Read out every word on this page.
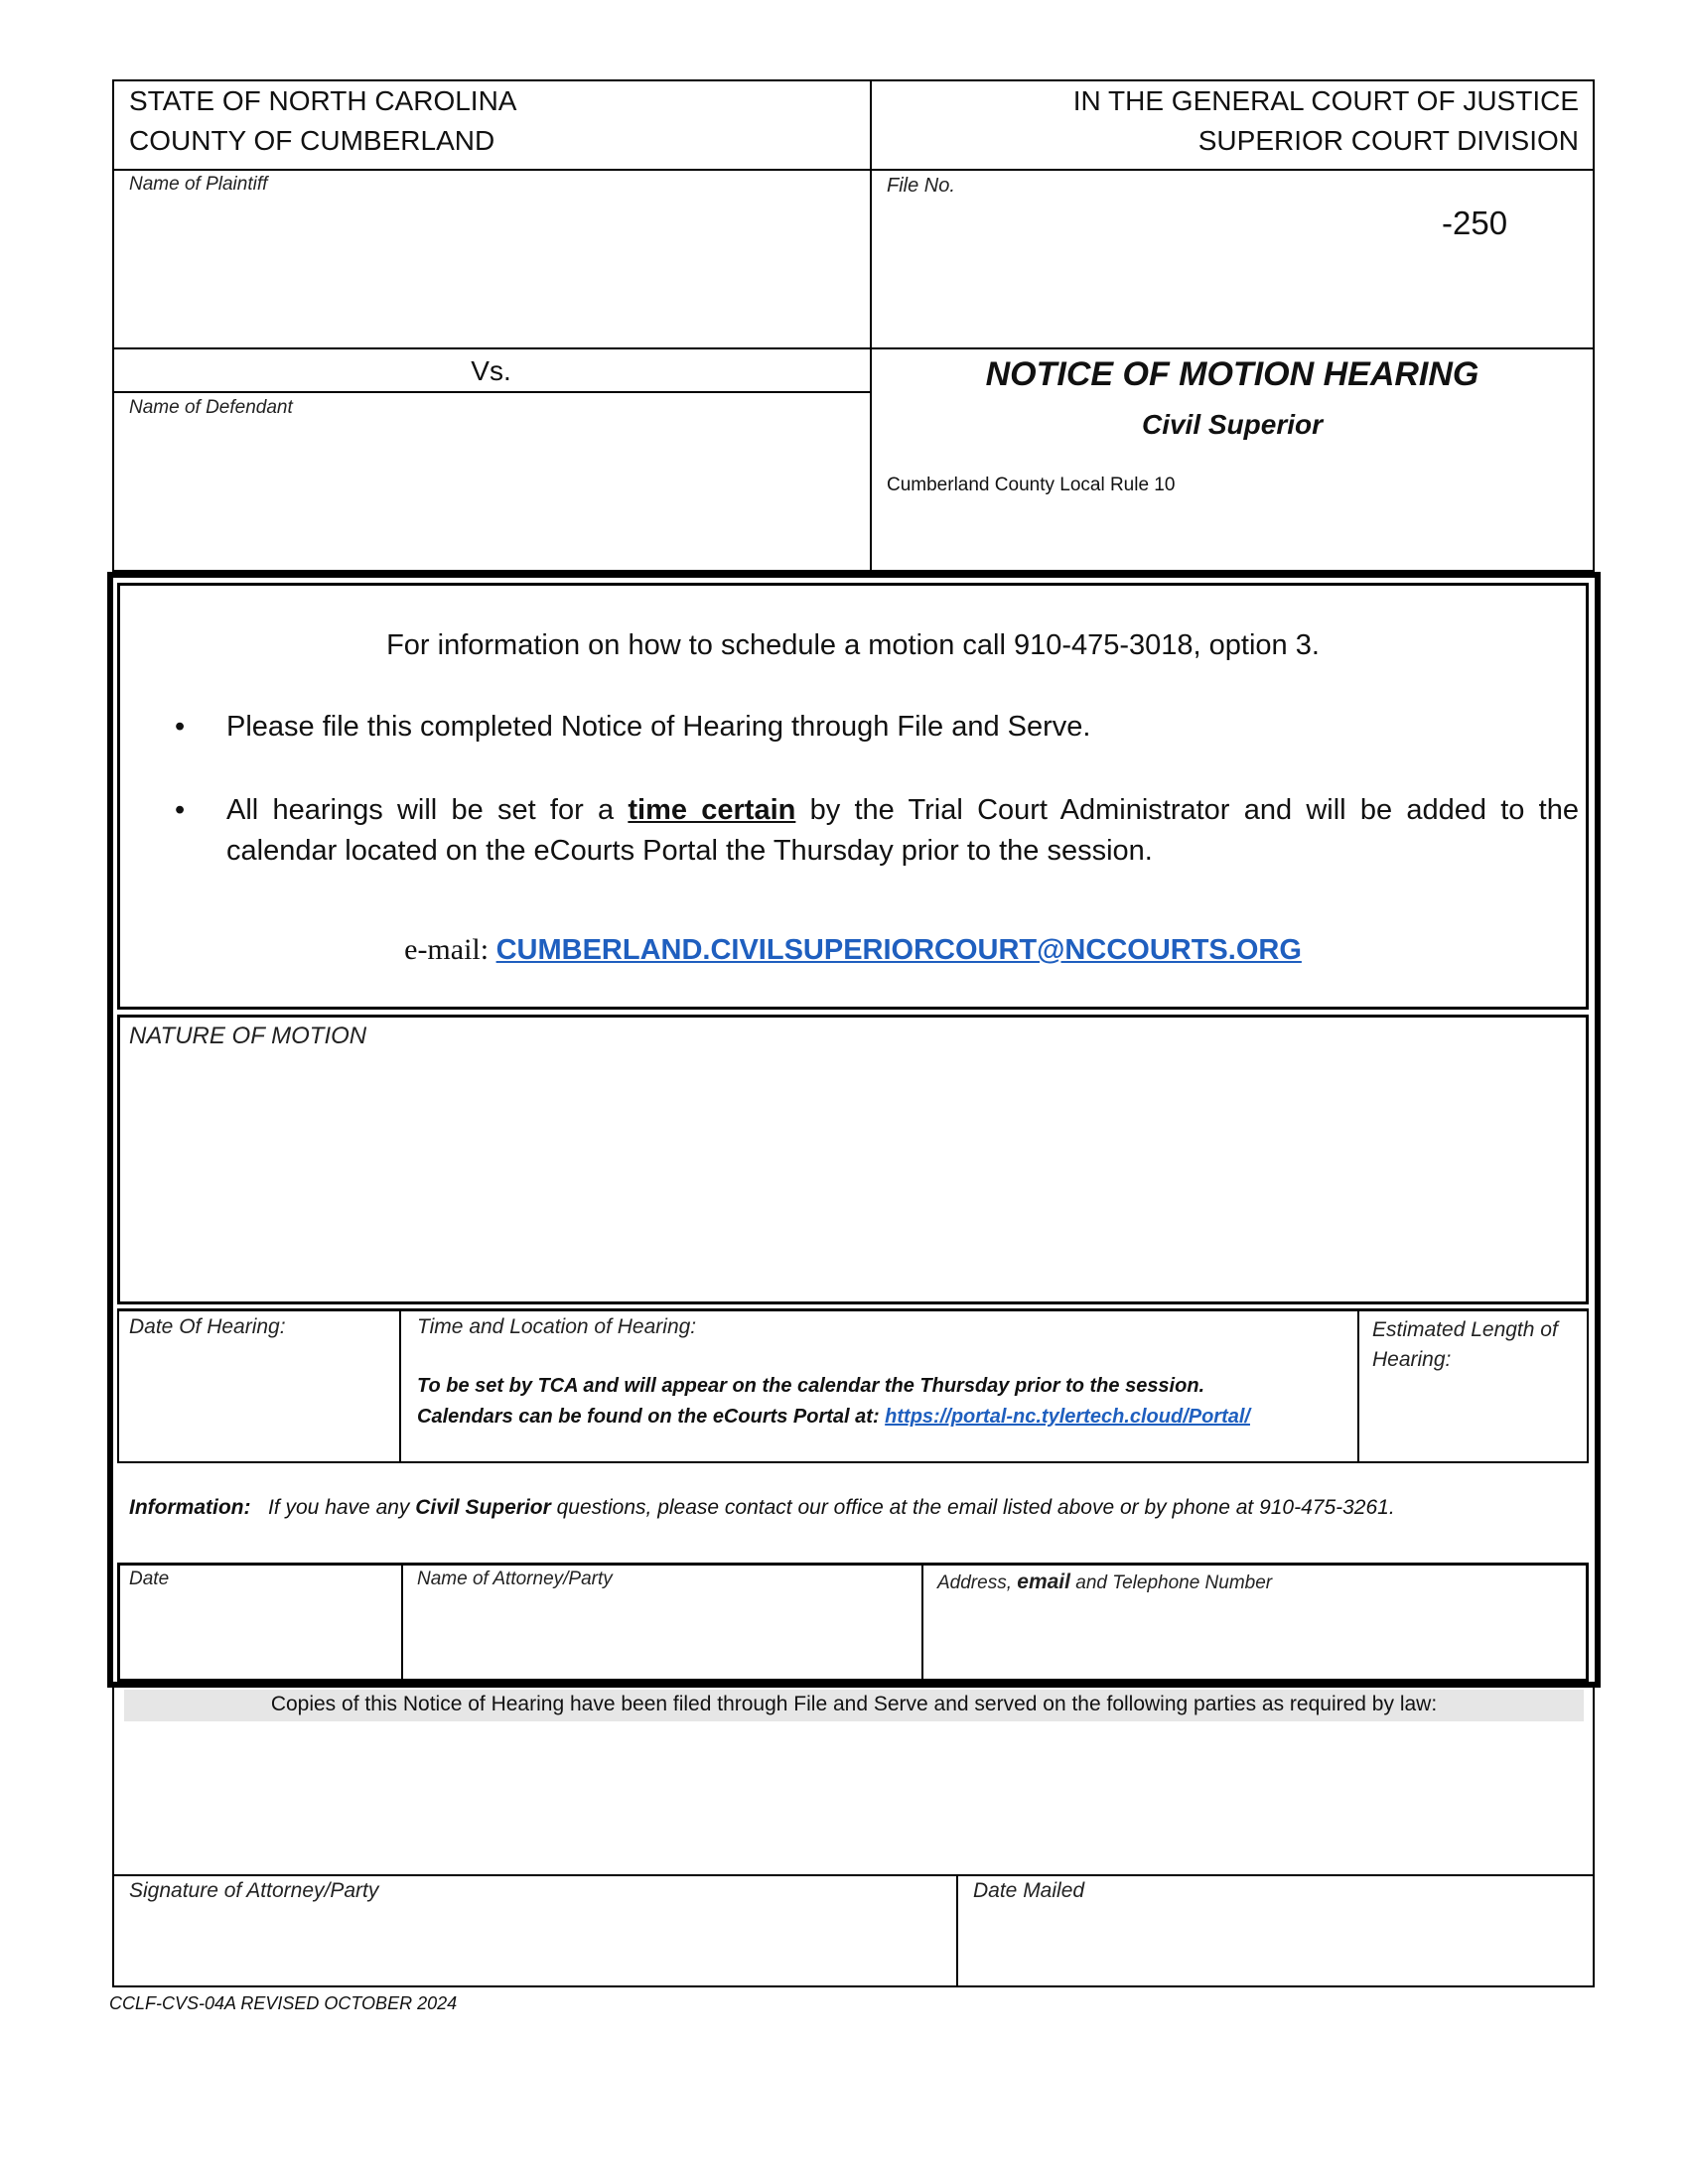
STATE OF NORTH CAROLINA
COUNTY OF CUMBERLAND
IN THE GENERAL COURT OF JUSTICE
SUPERIOR COURT DIVISION
Name of Plaintiff	File No.
-250
Vs.
Name of Defendant
NOTICE OF MOTION HEARING
Civil Superior
Cumberland County Local Rule 10
For information on how to schedule a motion call 910-475-3018, option 3.
•	Please file this completed Notice of Hearing through File and Serve.
•	All hearings will be set for a time certain by the Trial Court Administrator and will be added to the calendar located on the eCourts Portal the Thursday prior to the session.
e-mail: CUMBERLAND.CIVILSUPERIORCOURT@NCCOURTS.ORG
NATURE OF MOTION
Date Of Hearing:	Time and Location of Hearing:
To be set by TCA and will appear on the calendar the Thursday prior to the session.
Calendars can be found on the eCourts Portal at: https://portal-nc.tylertech.cloud/Portal/
Estimated Length of Hearing:
Information: If you have any Civil Superior questions, please contact our office at the email listed above or by phone at 910-475-3261.
Date	Name of Attorney/Party	Address, email and Telephone Number
Copies of this Notice of Hearing have been filed through File and Serve and served on the following parties as required by law:
Signature of Attorney/Party	Date Mailed
CCLF-CVS-04A REVISED OCTOBER 2024
